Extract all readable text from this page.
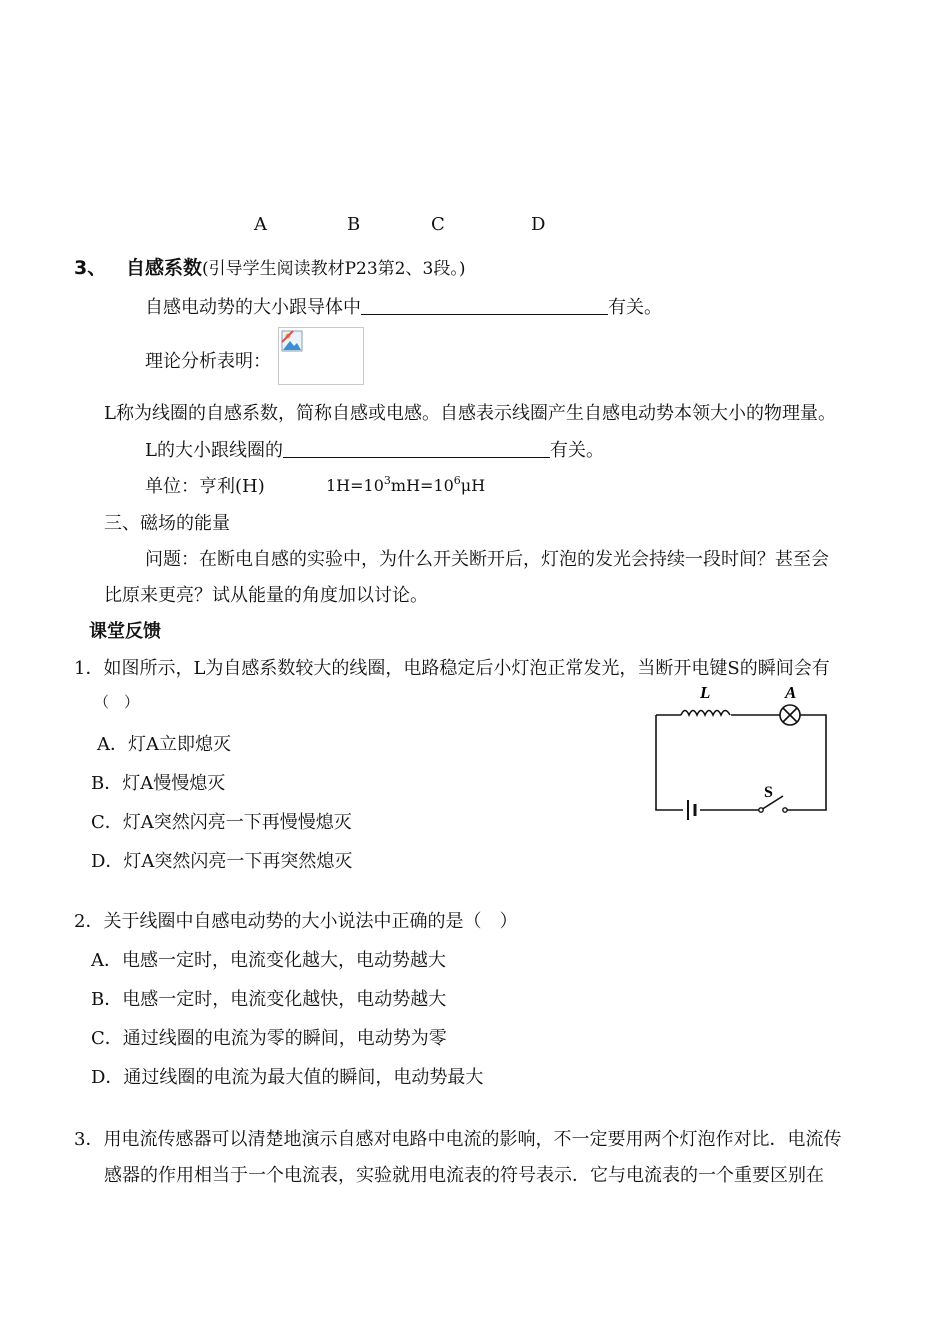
A	B	C	D
3、 自感系数(引导学生阅读教材P23第2、3段。)
自感电动势的大小跟导体中	有关。
理论分析表明：
L称为线圈的自感系数，简称自感或电感。自感表示线圈产生自感电动势本领大小的物理量。
L的大小跟线圈的	有关。
单位：亨利(H)	$1H=10^3mH=10^6\mu H$
三、磁场的能量
问题：在断电自感的实验中，为什么开关断开后，灯泡的发光会持续一段时间？甚至会
比原来更亮？试从能量的角度加以讨论。
课堂反馈
1．如图所示，L为自感系数较大的线圈，电路稳定后小灯泡正常发光，当断开电键S的瞬间会有
（　）
A．灯A立即熄灭
B．灯A慢慢熄灭
C．灯A突然闪亮一下再慢慢熄灭
D．灯A突然闪亮一下再突然熄灭
L	A
S
2．关于线圈中自感电动势的大小说法中正确的是（　）
A．电感一定时，电流变化越大，电动势越大
B．电感一定时，电流变化越快，电动势越大
C．通过线圈的电流为零的瞬间，电动势为零
D．通过线圈的电流为最大值的瞬间，电动势最大
3．用电流传感器可以清楚地演示自感对电路中电流的影响，不一定要用两个灯泡作对比．电流传
感器的作用相当于一个电流表，实验就用电流表的符号表示．它与电流表的一个重要区别在
